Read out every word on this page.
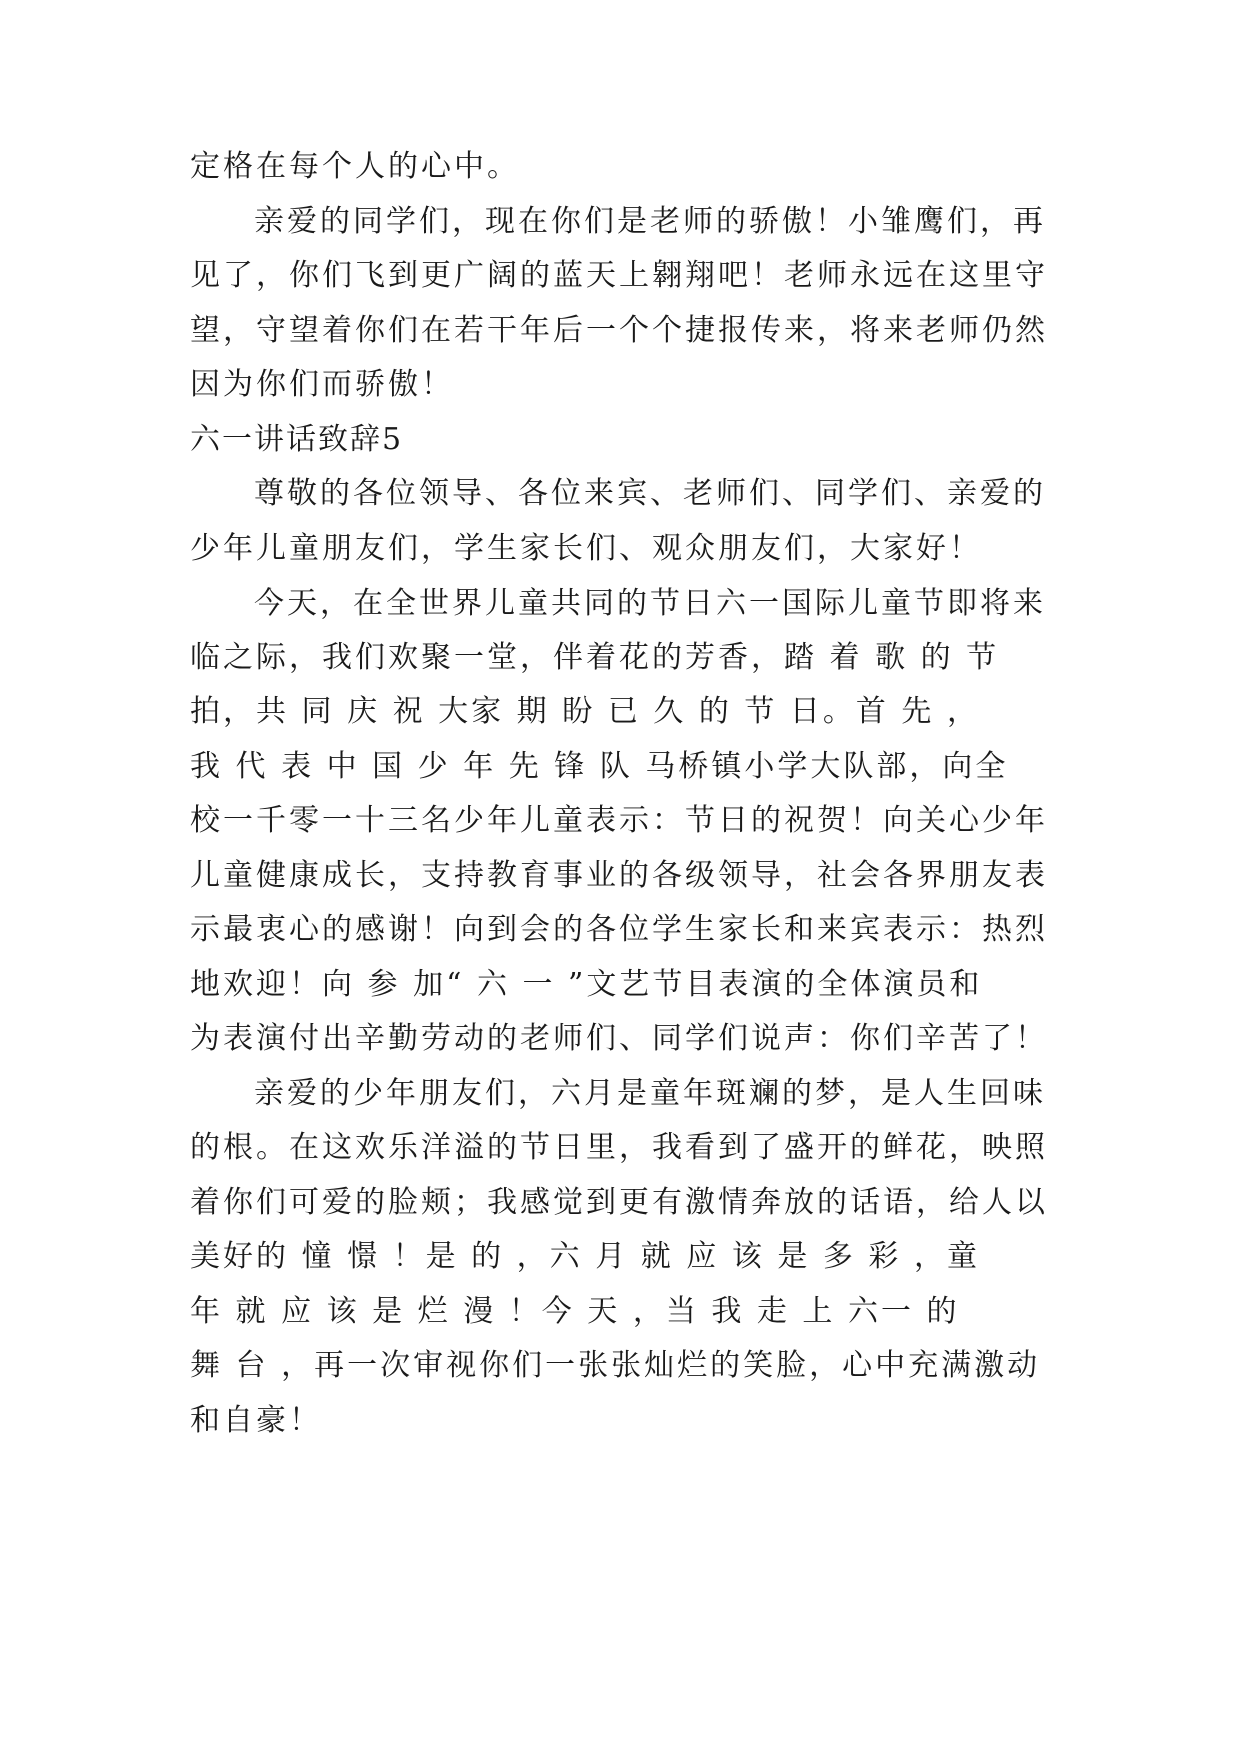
定格在每个人的心中。
亲爱的同学们，现在你们是老师的骄傲！小雏鹰们，再
见了，你们飞到更广阔的蓝天上翱翔吧！老师永远在这里守
望，守望着你们在若干年后一个个捷报传来，将来老师仍然
因为你们而骄傲！
六一讲话致辞5
尊敬的各位领导、各位来宾、老师们、同学们、亲爱的
少年儿童朋友们，学生家长们、观众朋友们，大家好！
今天，在全世界儿童共同的节日六一国际儿童节即将来
临之际，我们欢聚一堂，伴着花的芳香，踏 着 歌 的 节
拍，共 同 庆 祝 大家 期 盼 已 久 的 节 日。首 先 ，
我 代 表 中 国 少 年 先 锋 队 马桥镇小学大队部，向全
校一千零一十三名少年儿童表示：节日的祝贺！向关心少年
儿童健康成长，支持教育事业的各级领导，社会各界朋友表
示最衷心的感谢！向到会的各位学生家长和来宾表示：热烈
地欢迎！向 参 加“ 六 一 ”文艺节目表演的全体演员和
为表演付出辛勤劳动的老师们、同学们说声：你们辛苦了！
亲爱的少年朋友们，六月是童年斑斓的梦，是人生回味
的根。在这欢乐洋溢的节日里，我看到了盛开的鲜花，映照
着你们可爱的脸颊；我感觉到更有激情奔放的话语，给人以
美好的 憧 憬 ！是 的 ，六 月 就 应 该 是 多 彩 ，童
年 就 应 该 是 烂 漫 ！今 天 ，当 我 走 上 六一 的
舞 台 ，再一次审视你们一张张灿烂的笑脸，心中充满激动
和自豪！
